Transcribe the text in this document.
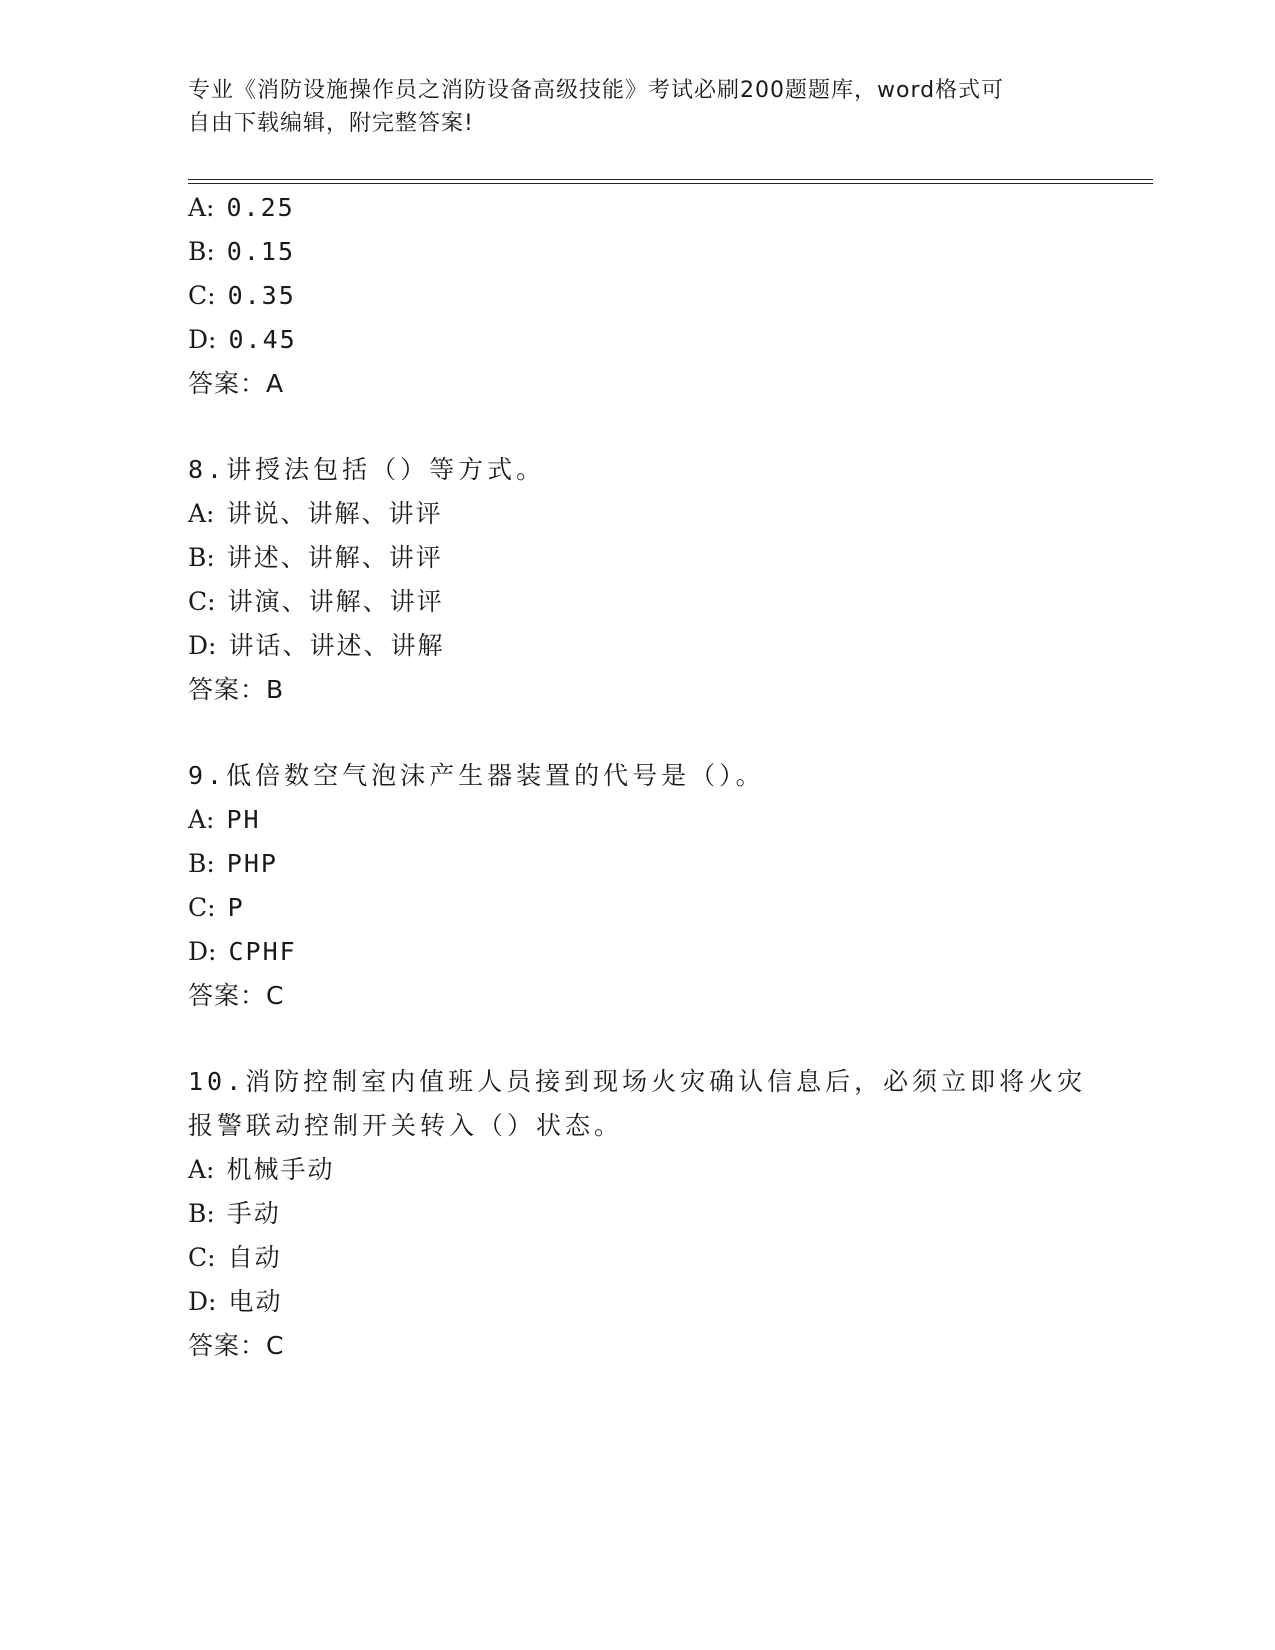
专业《消防设施操作员之消防设备高级技能》考试必刷200题题库，word格式可
自由下载编辑，附完整答案!
A: 0.25
B: 0.15
C: 0.35
D: 0.45
答案：A
8.讲授法包括（）等方式。
A: 讲说、讲解、讲评
B: 讲述、讲解、讲评
C: 讲演、讲解、讲评
D: 讲话、讲述、讲解
答案：B
9.低倍数空气泡沫产生器装置的代号是（）。
A: PH
B: PHP
C: P
D: CPHF
答案：C
10.消防控制室内值班人员接到现场火灾确认信息后，必须立即将火灾
报警联动控制开关转入（）状态。
A: 机械手动
B: 手动
C: 自动
D: 电动
答案：C
